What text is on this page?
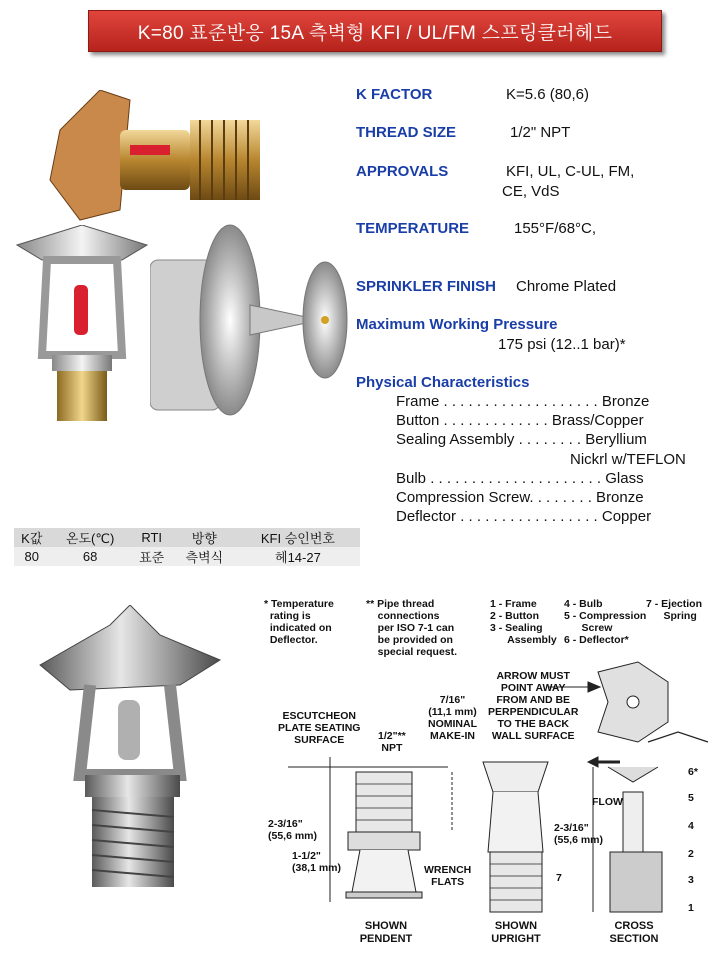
K=80 표준반응 15A 측벽형 KFI / UL/FM 스프링클러헤드
K FACTOR	K=5.6 (80,6)
THREAD SIZE	1/2" NPT
APPROVALS	KFI, UL, C-UL, FM,
CE, VdS
TEMPERATURE	155°F/68°C,
SPRINKLER FINISH Chrome Plated
Maximum Working Pressure
175 psi (12..1 bar)*
Physical Characteristics
Frame . . . . . . . . . . . . . . . . . . . Bronze
Button . . . . . . . . . . . . . Brass/Copper
Sealing Assembly . . . . . . . . Beryllium
Nickrl w/TEFLON
Bulb . . . . . . . . . . . . . . . . . . . . . Glass
Compression Screw. . . . . . . . Bronze
Deflector . . . . . . . . . . . . . . . . . Copper
K값	온도(℃)	RTI	방향	KFI 승인번호
80	68	표준	측벽식	헤14-27
* Temperature
rating is
indicated on
Deflector.
** Pipe thread
connections
per ISO 7-1 can
be provided on
special request.
1 - Frame
2 - Button
3 - Sealing
Assembly
4 - Bulb
5 - Compression
Screw
6 - Deflector*
7 - Ejection
Spring
ARROW MUST
POINT AWAY
FROM AND BE
PERPENDICULAR
TO THE BACK
WALL SURFACE
7/16"
(11,1 mm)
NOMINAL
MAKE-IN
ESCUTCHEON
PLATE SEATING
SURFACE	1/2"**
NPT
2-3/16"
(55,6 mm)
1-1/2"
(38,1 mm)
2-3/16"
(55,6 mm)
WRENCH
FLATS
FLOW
6*
5
4
2
3
1
7
SHOWN
PENDENT
SHOWN
UPRIGHT
CROSS
SECTION
